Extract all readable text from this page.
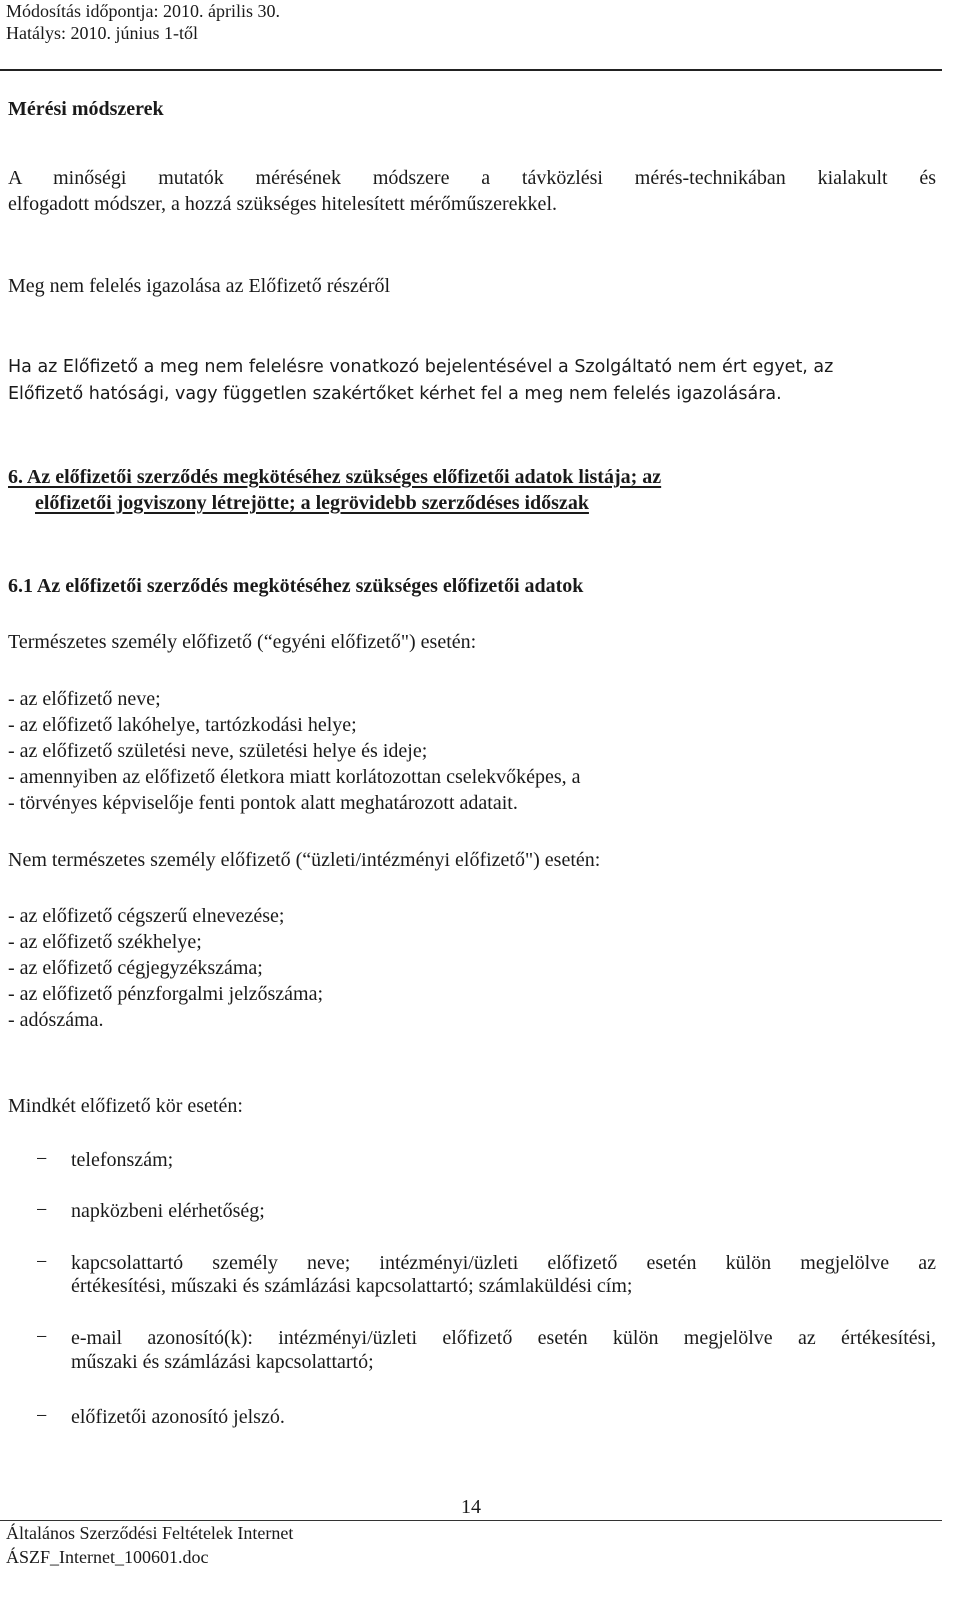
Módosítás időpontja: 2010. április 30.
Hatálys: 2010. június 1-től
Mérési módszerek
A minőségi mutatók mérésének módszere a távközlési mérés-technikában kialakult és
elfogadott módszer, a hozzá szükséges hitelesített mérőműszerekkel.
Meg nem felelés igazolása az Előfizető részéről
Ha az Előfizető a meg nem felelésre vonatkozó bejelentésével a Szolgáltató nem ért egyet, az
Előfizető hatósági, vagy független szakértőket kérhet fel a meg nem felelés igazolására.
6. Az előfizetői szerződés megkötéséhez szükséges előfizetői adatok listája; az
előfizetői jogviszony létrejötte; a legrövidebb szerződéses időszak
6.1 Az előfizetői szerződés megkötéséhez szükséges előfizetői adatok
Természetes személy előfizető (“egyéni előfizető") esetén:
- az előfizető neve;
- az előfizető lakóhelye, tartózkodási helye;
- az előfizető születési neve, születési helye és ideje;
- amennyiben az előfizető életkora miatt korlátozottan cselekvőképes, a
- törvényes képviselője fenti pontok alatt meghatározott adatait.
Nem természetes személy előfizető (“üzleti/intézményi előfizető") esetén:
- az előfizető cégszerű elnevezése;
- az előfizető székhelye;
- az előfizető cégjegyzékszáma;
- az előfizető pénzforgalmi jelzőszáma;
- adószáma.
Mindkét előfizető kör esetén:
− telefonszám;
− napközbeni elérhetőség;
− kapcsolattartó személy neve; intézményi/üzleti előfizető esetén külön megjelölve az
értékesítési, műszaki és számlázási kapcsolattartó; számlaküldési cím;
− e-mail azonosító(k): intézményi/üzleti előfizető esetén külön megjelölve az értékesítési,
műszaki és számlázási kapcsolattartó;
− előfizetői azonosító jelszó.
14
Általános Szerződési Feltételek Internet
ÁSZF_Internet_100601.doc
